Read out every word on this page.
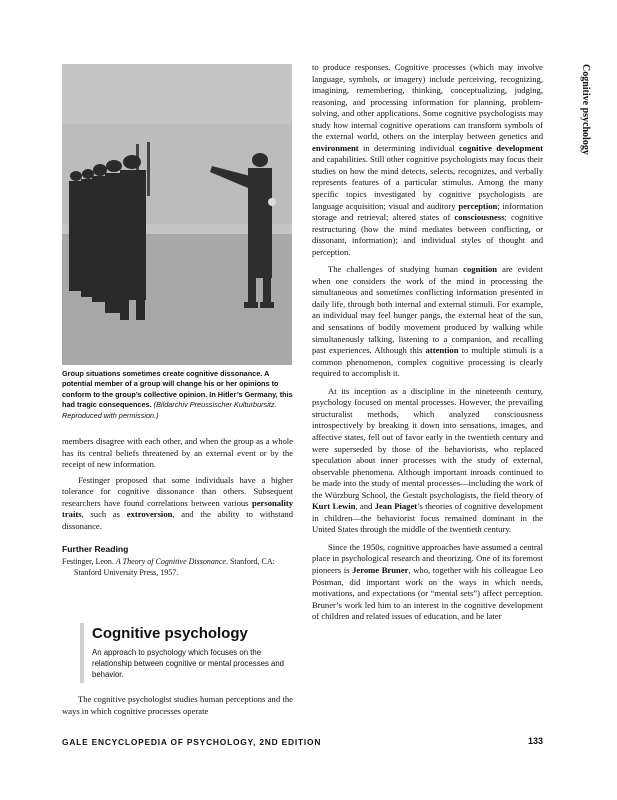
Cognitive psychology
Group situations sometimes create cognitive dissonance. A potential member of a group will change his or her opinions to conform to the group’s collective opinion. In Hitler’s Germany, this had tragic consequences. (Bildarchiv Preussischer Kulturbursitz. Reproduced with permission.)

members disagree with each other, and when the group as a whole has its central beliefs threatened by an external event or by the receipt of new information.

Festinger proposed that some individuals have a higher tolerance for cognitive dissonance than others. Subsequent researchers have found correlations between various personality traits, such as extroversion, and the ability to withstand dissonance.

Further Reading

Festinger, Leon. A Theory of Cognitive Dissonance. Stanford, CA: Stanford University Press, 1957.

Cognitive psychology
An approach to psychology which focuses on the relationship between cognitive or mental processes and behavior.

The cognitive psychologist studies human perceptions and the ways in which cognitive processes operate

to produce responses. Cognitive processes (which may involve language, symbols, or imagery) include perceiving, recognizing, imagining, remembering, thinking, conceptualizing, judging, reasoning, and processing information for planning, problem-solving, and other applications. Some cognitive psychologists may study how internal cognitive operations can transform symbols of the external world, others on the interplay between genetics and environment in determining individual cognitive development and capabilities. Still other cognitive psychologists may focus their studies on how the mind detects, selects, recognizes, and verbally represents features of a particular stimulus. Among the many specific topics investigated by cognitive psychologists are language acquisition; visual and auditory perception; information storage and retrieval; altered states of consciousness; cognitive restructuring (how the mind mediates between conflicting, or dissonant, information); and individual styles of thought and perception.

The challenges of studying human cognition are evident when one considers the work of the mind in processing the simultaneous and sometimes conflicting information presented in daily life, through both internal and external stimuli. For example, an individual may feel hunger pangs, the external heat of the sun, and sensations of bodily movement produced by walking while simultaneously talking, listening to a companion, and recalling past experiences. Although this attention to multiple stimuli is a common phenomenon, complex cognitive processing is clearly required to accomplish it.

At its inception as a discipline in the nineteenth century, psychology focused on mental processes. However, the prevailing structuralist methods, which analyzed consciousness introspectively by breaking it down into sensations, images, and affective states, fell out of favor early in the twentieth century and were superseded by those of the behaviorists, who replaced speculation about inner processes with the study of external, observable phenomena. Although important inroads continued to be made into the study of mental processes—including the work of the Würzburg School, the Gestalt psychologists, the field theory of Kurt Lewin, and Jean Piaget’s theories of cognitive development in children—the behaviorist focus remained dominant in the United States through the middle of the twentieth century.

Since the 1950s, cognitive approaches have assumed a central place in psychological research and theorizing. One of its foremost pioneers is Jerome Bruner, who, together with his colleague Leo Postman, did important work on the ways in which needs, motivations, and expectations (or “mental sets”) affect perception. Bruner’s work led him to an interest in the cognitive development of children and related issues of education, and he later

GALE ENCYCLOPEDIA OF PSYCHOLOGY, 2ND EDITION	133
